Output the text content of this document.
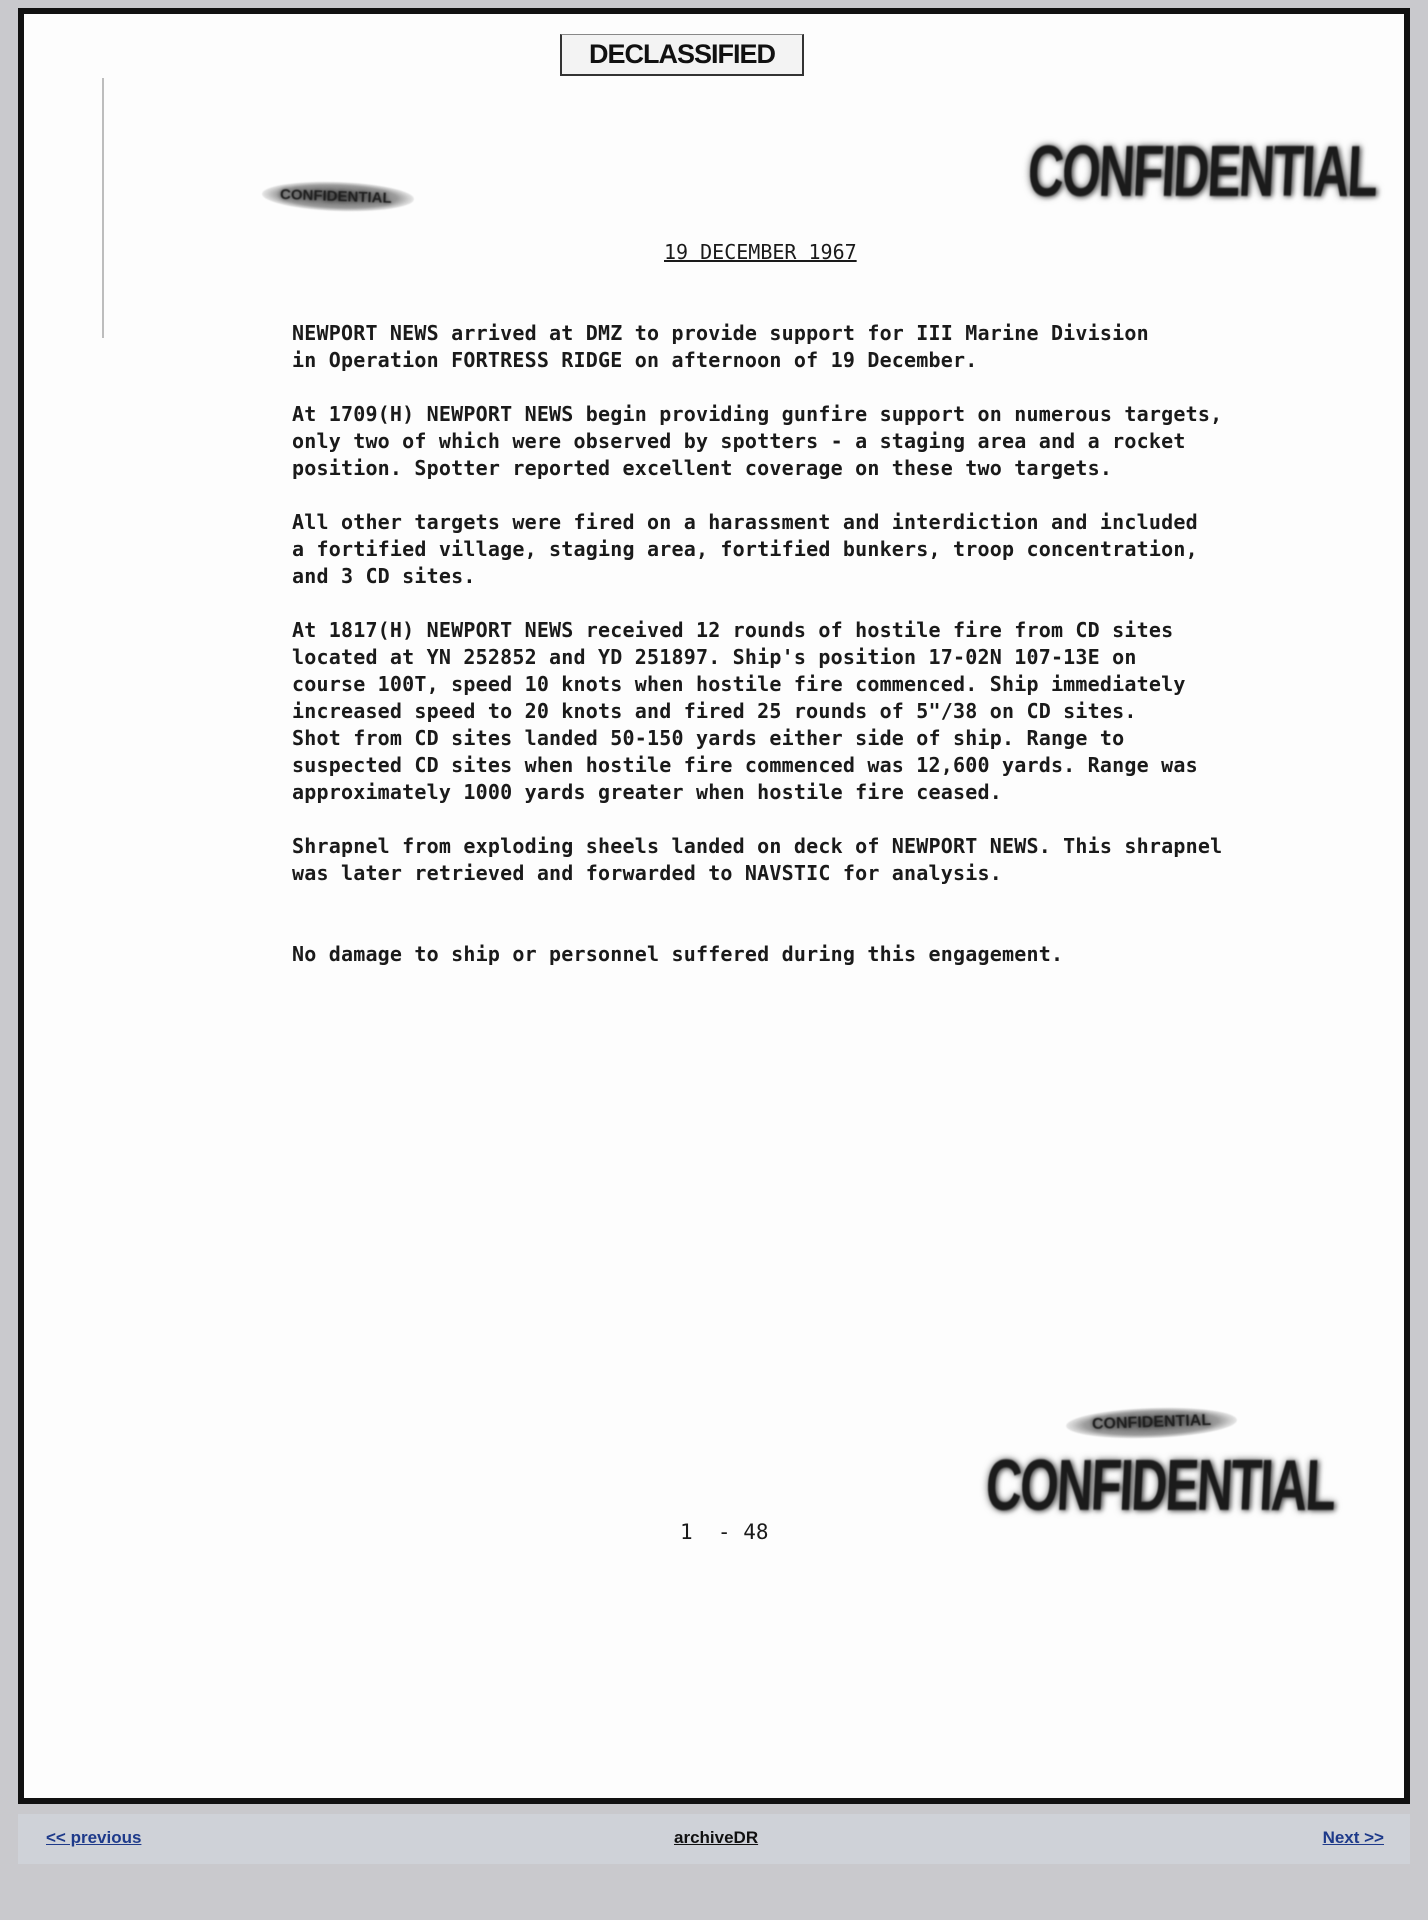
DECLASSIFIED
CONFIDENTIAL	CONFIDENTIAL
19 DECEMBER 1967

NEWPORT NEWS arrived at DMZ to provide support for III Marine Division
in Operation FORTRESS RIDGE on afternoon of 19 December.

At 1709(H) NEWPORT NEWS begin providing gunfire support on numerous targets,
only two of which were observed by spotters - a staging area and a rocket
position. Spotter reported excellent coverage on these two targets.

All other targets were fired on a harassment and interdiction and included
a fortified village, staging area, fortified bunkers, troop concentration,
and 3 CD sites.

At 1817(H) NEWPORT NEWS received 12 rounds of hostile fire from CD sites
located at YN 252852 and YD 251897. Ship's position 17-02N 107-13E on
course 100T, speed 10 knots when hostile fire commenced. Ship immediately
increased speed to 20 knots and fired 25 rounds of 5"/38 on CD sites.
Shot from CD sites landed 50-150 yards either side of ship. Range to
suspected CD sites when hostile fire commenced was 12,600 yards. Range was
approximately 1000 yards greater when hostile fire ceased.

Shrapnel from exploding sheels landed on deck of NEWPORT NEWS. This shrapnel
was later retrieved and forwarded to NAVSTIC for analysis.

No damage to ship or personnel suffered during this engagement.

CONFIDENTIAL
CONFIDENTIAL
1  - 48
<< previous	archiveDR	Next >>
